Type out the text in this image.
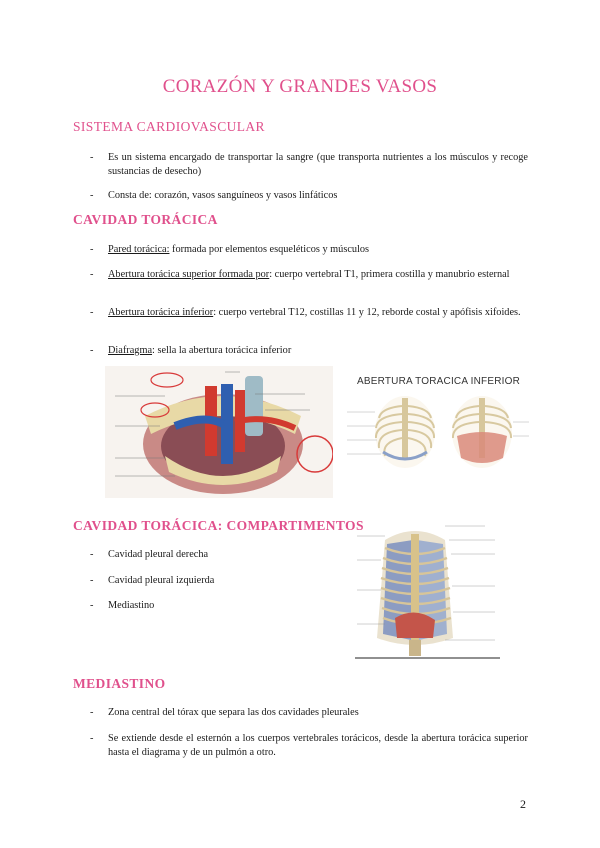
CORAZÓN Y GRANDES VASOS
SISTEMA CARDIOVASCULAR
-	Es un sistema encargado de transportar la sangre (que transporta nutrientes a los músculos y recoge sustancias de desecho)
-	Consta de: corazón, vasos sanguíneos y vasos linfáticos
CAVIDAD TORÁCICA
-	Pared torácica: formada por elementos esqueléticos y músculos
-	Abertura torácica superior formada por: cuerpo vertebral T1, primera costilla y manubrio esternal
-	Abertura torácica inferior: cuerpo vertebral T12, costillas 11 y 12, reborde costal y apófisis xifoides.
-	Diafragma: sella la abertura torácica inferior
ABERTURA TORACICA INFERIOR
CAVIDAD TORÁCICA: COMPARTIMENTOS
-	Cavidad pleural derecha
-	Cavidad pleural izquierda
-	Mediastino
MEDIASTINO
-	Zona central del tórax que separa las dos cavidades pleurales
-	Se extiende desde el esternón a los cuerpos vertebrales torácicos, desde la abertura torácica superior hasta el diagrama y de un pulmón a otro.
2
